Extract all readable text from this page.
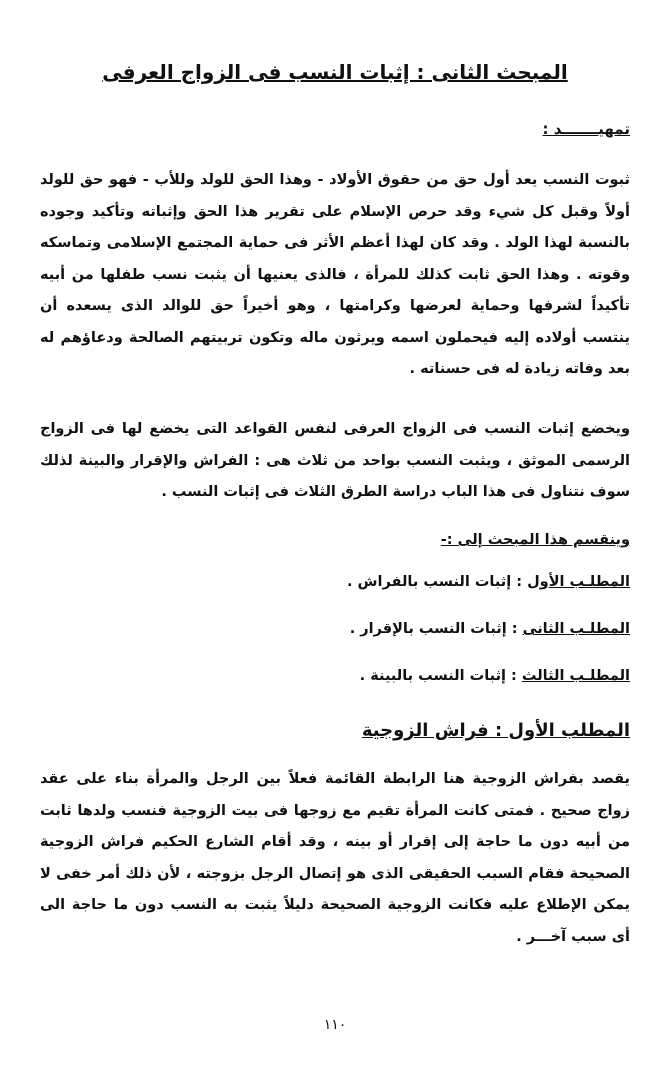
المبحث الثانى : إثبات النسب فى الزواج العرفى
تمهيـــــــد :

ثبوت النسب يعد أول حق من حقوق الأولاد - وهذا الحق للولد وللأب - فهو حق للولد أولاً وقبل كل شيء وقد حرص الإسلام على تقرير هذا الحق وإثباته وتأكيد وجوده بالنسبة لهذا الولد . وقد كان لهذا أعظم الأثر فى حماية المجتمع الإسلامى وتماسكه وقوته . وهذا الحق ثابت كذلك للمرأة ، فالذى يعنيها أن يثبت نسب طفلها من أبيه تأكيداً لشرفها وحماية لعرضها وكرامتها ، وهو أخيراً حق للوالد الذى يسعده أن ينتسب أولاده إليه فيحملون اسمه ويرثون ماله وتكون تربيتهم الصالحة ودعاؤهم له بعد وفاته زيادة له فى حسناته .

ويخضع إثبات النسب فى الزواج العرفى لنفس القواعد التى يخضع لها فى الزواج الرسمى الموثق ، ويثبت النسب بواحد من ثلاث هى : الفراش والإقرار والبينة لذلك سوف نتناول فى هذا الباب دراسة الطرق الثلاث فى إثبات النسب .

وينقسم هذا المبحث إلى :-

المطلـب الأول : إثبات النسب بالفراش .
المطلـب الثانى : إثبات النسب بالإقرار .
المطلـب الثالث : إثبات النسب بالبينة .
المطلب الأول : فراش الزوجية

يقصد بفراش الزوجية هنا الرابطة القائمة فعلاً بين الرجل والمرأة بناء على عقد زواج صحيح . فمتى كانت المرأة تقيم مع زوجها فى بيت الزوجية فنسب ولدها ثابت من أبيه دون ما حاجة إلى إقرار أو بينه ، وقد أقام الشارع الحكيم فراش الزوجية الصحيحة فقام السبب الحقيقى الذى هو إتصال الرجل بزوجته ، لأن ذلك أمر خفى لا يمكن الإطلاع عليه فكانت الزوجية الصحيحة دليلاً يثبت به النسب دون ما حاجة الى أى سبب آخـــر .

١١٠
